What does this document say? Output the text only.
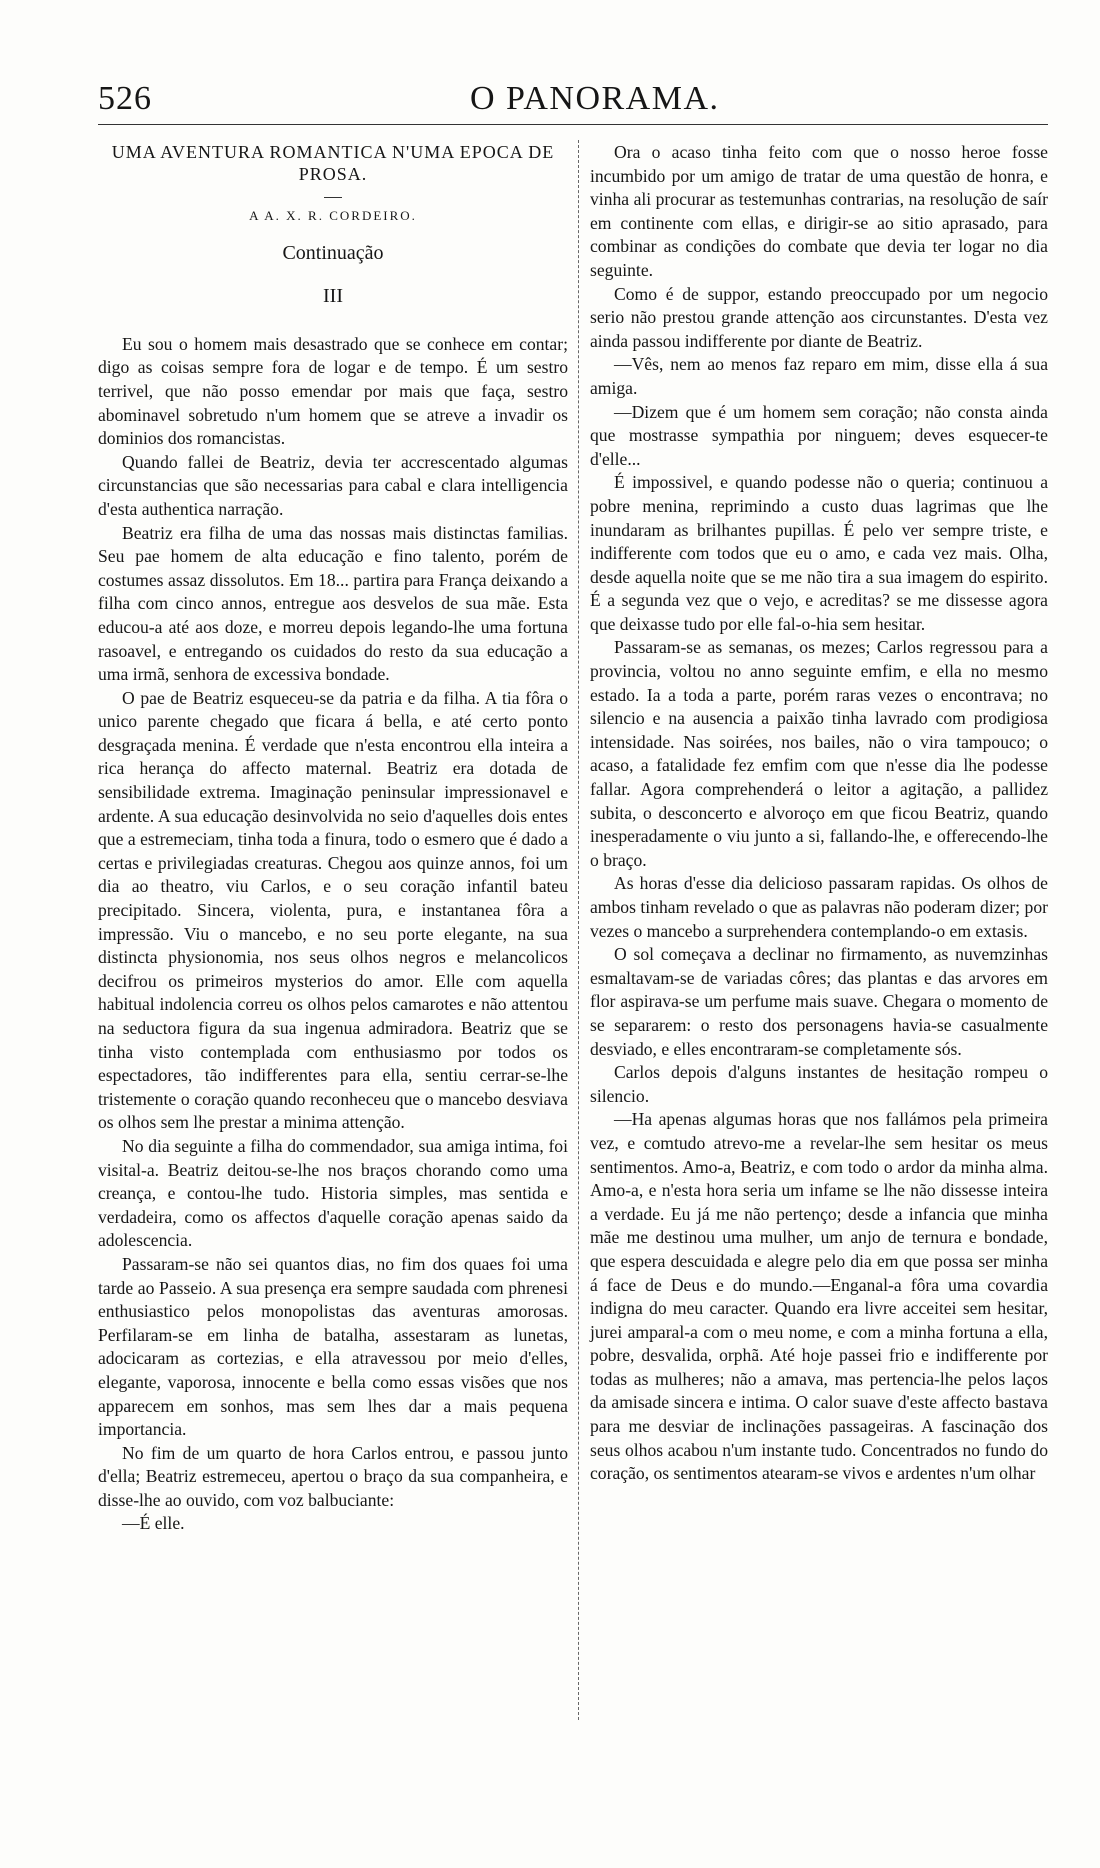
526	O PANORAMA.
UMA AVENTURA ROMANTICA N'UMA EPOCA DE PROSA.
A A. X. R. CORDEIRO.
Continuação
III

Eu sou o homem mais desastrado que se conhece em contar; digo as coisas sempre fora de logar e de tempo. É um sestro terrivel, que não posso emendar por mais que faça, sestro abominavel sobretudo n'um homem que se atreve a invadir os dominios dos romancistas.

Quando fallei de Beatriz, devia ter accrescentado algumas circunstancias que são necessarias para cabal e clara intelligencia d'esta authentica narração.

Beatriz era filha de uma das nossas mais distinctas familias. Seu pae homem de alta educação e fino talento, porém de costumes assaz dissolutos. Em 18... partira para França deixando a filha com cinco annos, entregue aos desvelos de sua mãe. Esta educou-a até aos doze, e morreu depois legando-lhe uma fortuna rasoavel, e entregando os cuidados do resto da sua educação a uma irmã, senhora de excessiva bondade.

O pae de Beatriz esqueceu-se da patria e da filha. A tia fôra o unico parente chegado que ficara á bella, e até certo ponto desgraçada menina. É verdade que n'esta encontrou ella inteira a rica herança do affecto maternal. Beatriz era dotada de sensibilidade extrema. Imaginação peninsular impressionavel e ardente. A sua educação desinvolvida no seio d'aquelles dois entes que a estremeciam, tinha toda a finura, todo o esmero que é dado a certas e privilegiadas creaturas. Chegou aos quinze annos, foi um dia ao theatro, viu Carlos, e o seu coração infantil bateu precipitado. Sincera, violenta, pura, e instantanea fôra a impressão. Viu o mancebo, e no seu porte elegante, na sua distincta physionomia, nos seus olhos negros e melancolicos decifrou os primeiros mysterios do amor. Elle com aquella habitual indolencia correu os olhos pelos camarotes e não attentou na seductora figura da sua ingenua admiradora. Beatriz que se tinha visto contemplada com enthusiasmo por todos os espectadores, tão indifferentes para ella, sentiu cerrar-se-lhe tristemente o coração quando reconheceu que o mancebo desviava os olhos sem lhe prestar a minima attenção.

No dia seguinte a filha do commendador, sua amiga intima, foi visital-a. Beatriz deitou-se-lhe nos braços chorando como uma creança, e contou-lhe tudo. Historia simples, mas sentida e verdadeira, como os affectos d'aquelle coração apenas saido da adolescencia.

Passaram-se não sei quantos dias, no fim dos quaes foi uma tarde ao Passeio. A sua presença era sempre saudada com phrenesi enthusiastico pelos monopolistas das aventuras amorosas. Perfilaram-se em linha de batalha, assestaram as lunetas, adocicaram as cortezias, e ella atravessou por meio d'elles, elegante, vaporosa, innocente e bella como essas visões que nos apparecem em sonhos, mas sem lhes dar a mais pequena importancia.

No fim de um quarto de hora Carlos entrou, e passou junto d'ella; Beatriz estremeceu, apertou o braço da sua companheira, e disse-lhe ao ouvido, com voz balbuciante:

—É elle.

Ora o acaso tinha feito com que o nosso heroe fosse incumbido por um amigo de tratar de uma questão de honra, e vinha ali procurar as testemunhas contrarias, na resolução de saír em continente com ellas, e dirigir-se ao sitio aprasado, para combinar as condições do combate que devia ter logar no dia seguinte.

Como é de suppor, estando preoccupado por um negocio serio não prestou grande attenção aos circunstantes. D'esta vez ainda passou indifferente por diante de Beatriz.

—Vês, nem ao menos faz reparo em mim, disse ella á sua amiga.

—Dizem que é um homem sem coração; não consta ainda que mostrasse sympathia por ninguem; deves esquecer-te d'elle...

É impossivel, e quando podesse não o queria; continuou a pobre menina, reprimindo a custo duas lagrimas que lhe inundaram as brilhantes pupillas. É pelo ver sempre triste, e indifferente com todos que eu o amo, e cada vez mais. Olha, desde aquella noite que se me não tira a sua imagem do espirito. É a segunda vez que o vejo, e acreditas? se me dissesse agora que deixasse tudo por elle fal-o-hia sem hesitar.

Passaram-se as semanas, os mezes; Carlos regressou para a provincia, voltou no anno seguinte emfim, e ella no mesmo estado. Ia a toda a parte, porém raras vezes o encontrava; no silencio e na ausencia a paixão tinha lavrado com prodigiosa intensidade. Nas soirées, nos bailes, não o vira tampouco; o acaso, a fatalidade fez emfim com que n'esse dia lhe podesse fallar. Agora comprehenderá o leitor a agitação, a pallidez subita, o desconcerto e alvoroço em que ficou Beatriz, quando inesperadamente o viu junto a si, fallando-lhe, e offerecendo-lhe o braço.

As horas d'esse dia delicioso passaram rapidas. Os olhos de ambos tinham revelado o que as palavras não poderam dizer; por vezes o mancebo a surprehendera contemplando-o em extasis.

O sol começava a declinar no firmamento, as nuvemzinhas esmaltavam-se de variadas côres; das plantas e das arvores em flor aspirava-se um perfume mais suave. Chegara o momento de se separarem: o resto dos personagens havia-se casualmente desviado, e elles encontraram-se completamente sós.

Carlos depois d'alguns instantes de hesitação rompeu o silencio.

—Ha apenas algumas horas que nos fallámos pela primeira vez, e comtudo atrevo-me a revelar-lhe sem hesitar os meus sentimentos. Amo-a, Beatriz, e com todo o ardor da minha alma. Amo-a, e n'esta hora seria um infame se lhe não dissesse inteira a verdade. Eu já me não pertenço; desde a infancia que minha mãe me destinou uma mulher, um anjo de ternura e bondade, que espera descuidada e alegre pelo dia em que possa ser minha á face de Deus e do mundo.—Enganal-a fôra uma covardia indigna do meu caracter. Quando era livre acceitei sem hesitar, jurei amparal-a com o meu nome, e com a minha fortuna a ella, pobre, desvalida, orphã. Até hoje passei frio e indifferente por todas as mulheres; não a amava, mas pertencia-lhe pelos laços da amisade sincera e intima. O calor suave d'este affecto bastava para me desviar de inclinações passageiras. A fascinação dos seus olhos acabou n'um instante tudo. Concentrados no fundo do coração, os sentimentos atearam-se vivos e ardentes n'um olhar
